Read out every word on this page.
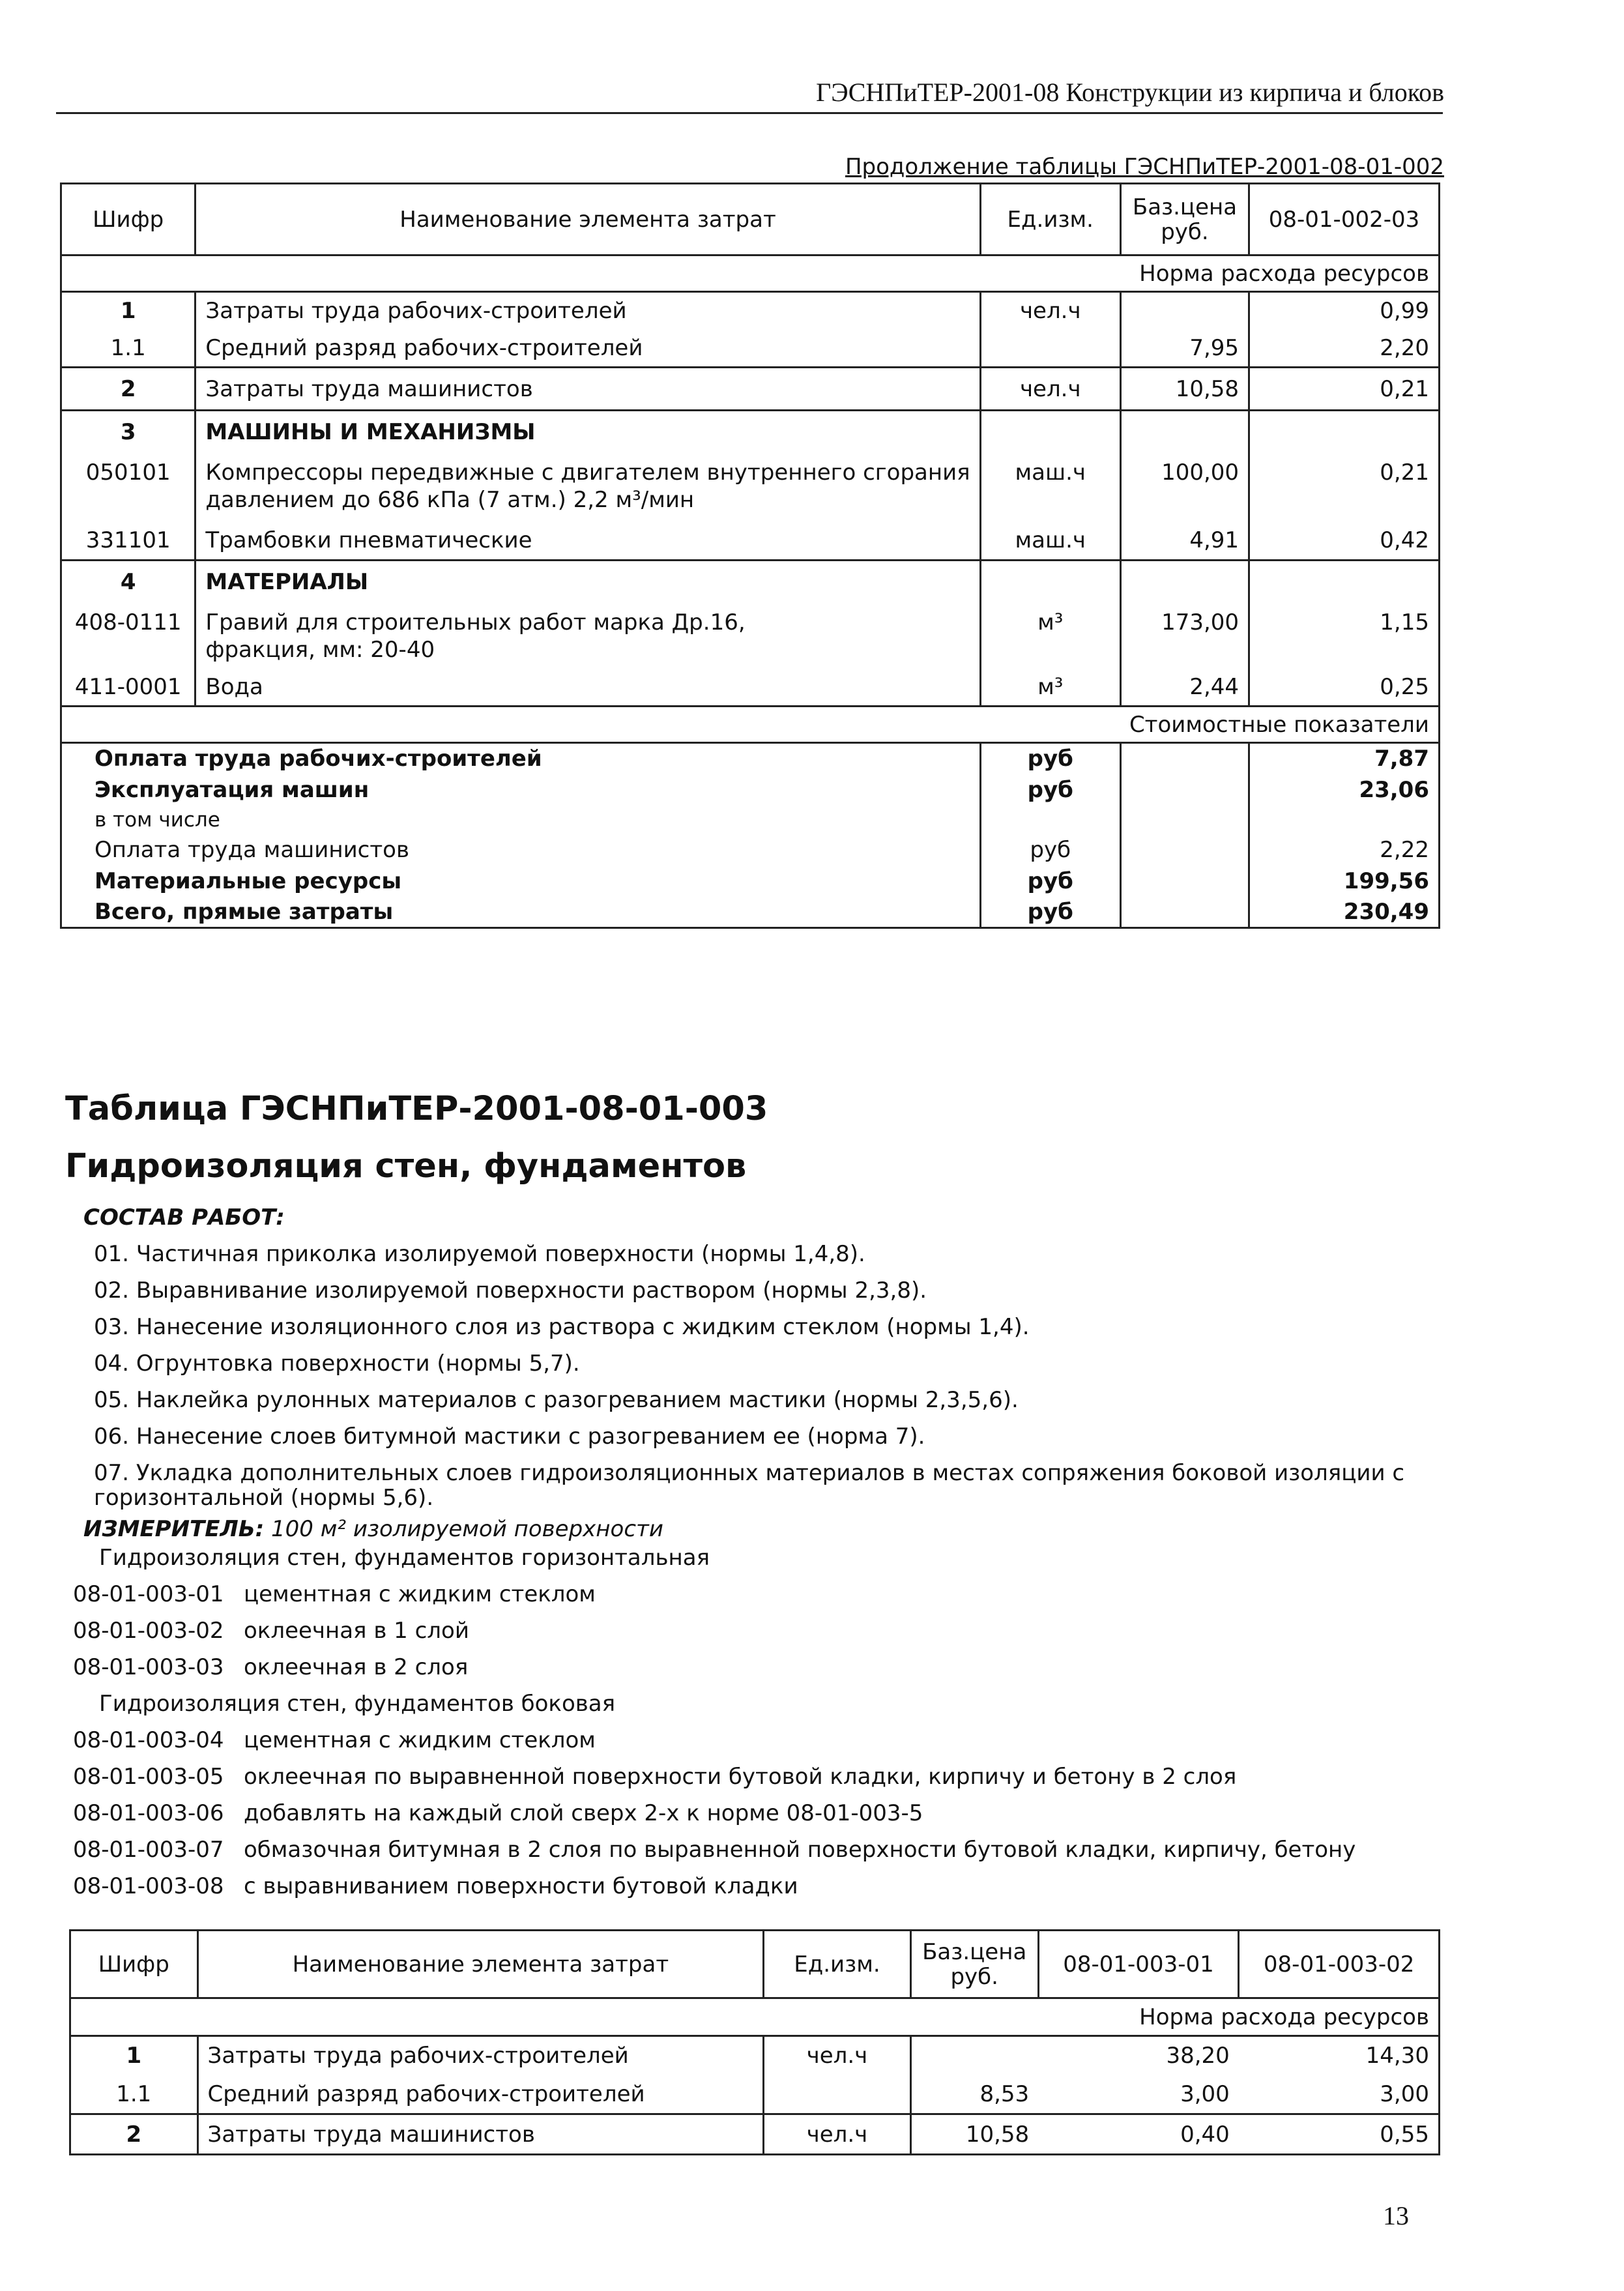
ГЭСНПиТЕР-2001-08 Конструкции из кирпича и блоков
Продолжение таблицы ГЭСНПиТЕР-2001-08-01-002
Шифр	Наименование элемента затрат	Ед.изм.	Баз.цена руб.	08-01-002-03
Норма расхода ресурсов				
1	Затраты труда рабочих-строителей	чел.ч		0,99
1.1	Средний разряд рабочих-строителей		7,95	2,20
2	Затраты труда машинистов	чел.ч	10,58	0,21
3	МАШИНЫ И МЕХАНИЗМЫ			
050101	Компрессоры передвижные с двигателем внутреннего сгорания
давлением до 686 кПа (7 атм.) 2,2 м³/мин	маш.ч	100,00	0,21
331101	Трамбовки пневматические	маш.ч	4,91	0,42
4	МАТЕРИАЛЫ			
408-0111	Гравий для строительных работ марка Др.16,
фракция, мм: 20-40	м³	173,00	1,15
411-0001	Вода	м³	2,44	0,25
Стоимостные показатели				
Оплата труда рабочих-строителей		руб		7,87
Эксплуатация машин		руб		23,06
в том числе				
Оплата труда машинистов		руб		2,22
Материальные ресурсы		руб		199,56
Всего, прямые затраты		руб		230,49
Таблица ГЭСНПиТЕР-2001-08-01-003
Гидроизоляция стен, фундаментов
СОСТАВ РАБОТ:
01. Частичная приколка изолируемой поверхности (нормы 1,4,8).
02. Выравнивание изолируемой поверхности раствором (нормы 2,3,8).
03. Нанесение изоляционного слоя из раствора с жидким стеклом (нормы 1,4).
04. Огрунтовка поверхности (нормы 5,7).
05. Наклейка рулонных материалов с разогреванием мастики (нормы 2,3,5,6).
06. Нанесение слоев битумной мастики с разогреванием ее (норма 7).
07. Укладка дополнительных слоев гидроизоляционных материалов в местах сопряжения боковой изоляции с
горизонтальной (нормы 5,6).
ИЗМЕРИТЕЛЬ: 100 м² изолируемой поверхности
Гидроизоляция стен, фундаментов горизонтальная
08-01-003-01 цементная с жидким стеклом
08-01-003-02 оклеечная в 1 слой
08-01-003-03 оклеечная в 2 слоя
Гидроизоляция стен, фундаментов боковая
08-01-003-04 цементная с жидким стеклом
08-01-003-05 оклеечная по выравненной поверхности бутовой кладки, кирпичу и бетону в 2 слоя
08-01-003-06 добавлять на каждый слой сверх 2-х к норме 08-01-003-5
08-01-003-07 обмазочная битумная в 2 слоя по выравненной поверхности бутовой кладки, кирпичу, бетону
08-01-003-08 с выравниванием поверхности бутовой кладки
Шифр	Наименование элемента затрат	Ед.изм.	Баз.цена руб.	08-01-003-01	08-01-003-02
Норма расхода ресурсов					
1	Затраты труда рабочих-строителей	чел.ч		38,20	14,30
1.1	Средний разряд рабочих-строителей		8,53	3,00	3,00
2	Затраты труда машинистов	чел.ч	10,58	0,40	0,55
13
